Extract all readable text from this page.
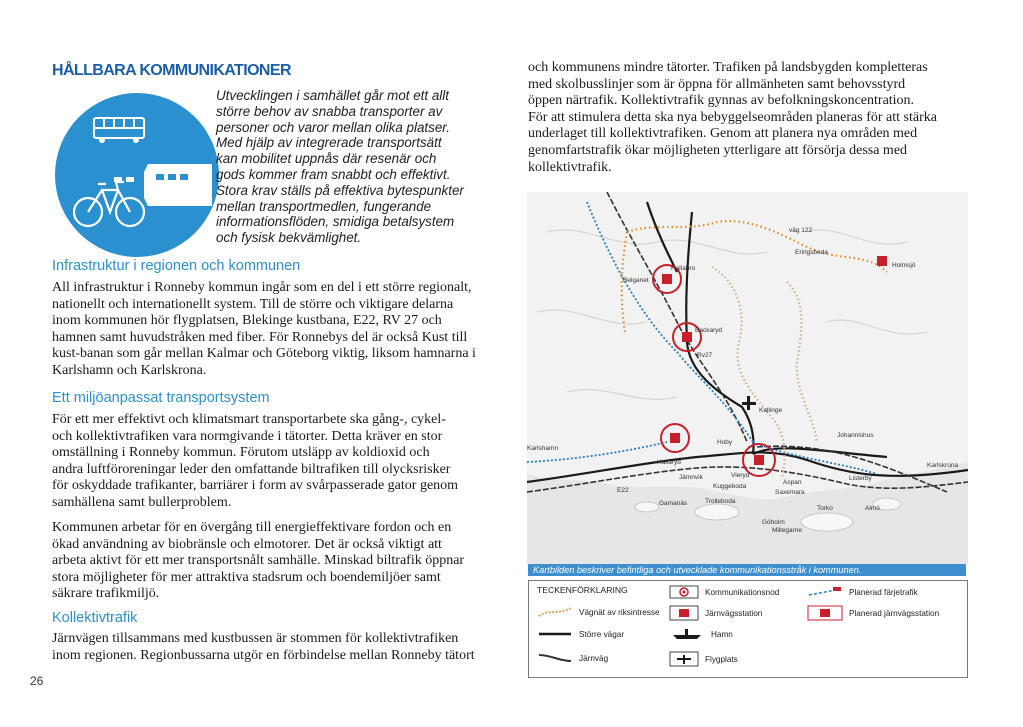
HÅLLBARA KOMMUNIKATIONER

Utvecklingen i samhället går mot ett allt

större behov av snabba transporter av

personer och varor mellan olika platser.

Med hjälp av integrerade transportsätt

kan mobilitet uppnås där resenär och

gods kommer fram snabbt och effektivt.

Stora krav ställs på effektiva bytespunkter

mellan transportmedlen, fungerande

informationsflöden, smidiga betalsystem

och fysisk bekvämlighet.

Infrastruktur i regionen och kommunen

All infrastruktur i Ronneby kommun ingår som en del i ett större regionalt,

nationellt och internationellt system. Till de större och viktigare delarna

inom kommunen hör flygplatsen, Blekinge kustbana, E22, RV 27 och

hamnen samt huvudstråken med fiber. För Ronnebys del är också Kust till

kust-banan som går mellan Kalmar och Göteborg viktig, liksom hamnarna i

Karlshamn och Karlskrona.

Ett miljöanpassat transportsystem

För ett mer effektivt och klimatsmart transportarbete ska gång-, cykel-

och kollektivtrafiken vara normgivande i tätorter. Detta kräver en stor

omställning i Ronneby kommun. Förutom utsläpp av koldioxid och

andra luftföroreningar leder den omfattande biltrafiken till olycksrisker

för oskyddade trafikanter, barriärer i form av svårpasserade gator genom

samhällena samt bullerproblem.

Kommunen arbetar för en övergång till energieffektivare fordon och en

ökad användning av biobränsle och elmotorer. Det är också viktigt att

arbeta aktivt för ett mer transportsnålt samhälle. Minskad biltrafik öppnar

stora möjligheter för mer attraktiva stadsrum och boendemiljöer samt

säkrare trafikmiljö.

Kollektivtrafik

Järnvägen tillsammans med kustbussen är stommen för kollektivtrafiken

inom regionen. Regionbussarna utgör en förbindelse mellan Ronneby tätort

och kommunens mindre tätorter. Trafiken på landsbygden kompletteras

med skolbusslinjer som är öppna för allmänheten samt behovsstyrd

öppen närtrafik. Kollektivtrafik gynnas av befolkningskoncentration.

För att stimulera detta ska nya bebyggelseområden planeras för att stärka

underlaget till kollektivtrafiken. Genom att planera nya områden med

genomfartstrafik ökar möjligheten ytterligare att försörja dessa med

kollektivtrafik.

väg 122
Eringsboda
Holmsjö
Belganet
Hallabro
Backaryd
Rv27
Kallinge
Johannishus
Hoby
Hallaryd
Karlshamn
Jämnvik
Kuggeboda
Saxemara
Listerby
Karlskrona
Vieryd
Aspan
Gamanäs	Trolleboda
Torko	Almö
Göholm
Millegarne
E22
Kartbilden beskriver befintliga och utvecklade kommunikationsstråk i kommunen.
TECKENFÖRKLARING	Kommunikationsnod	Planerad färjetrafik
Vägnät av riksintresse	Järnvägsstation	Planerad järnvägsstation
Större vägar	Hamn
Järnväg	Flygplats
26
